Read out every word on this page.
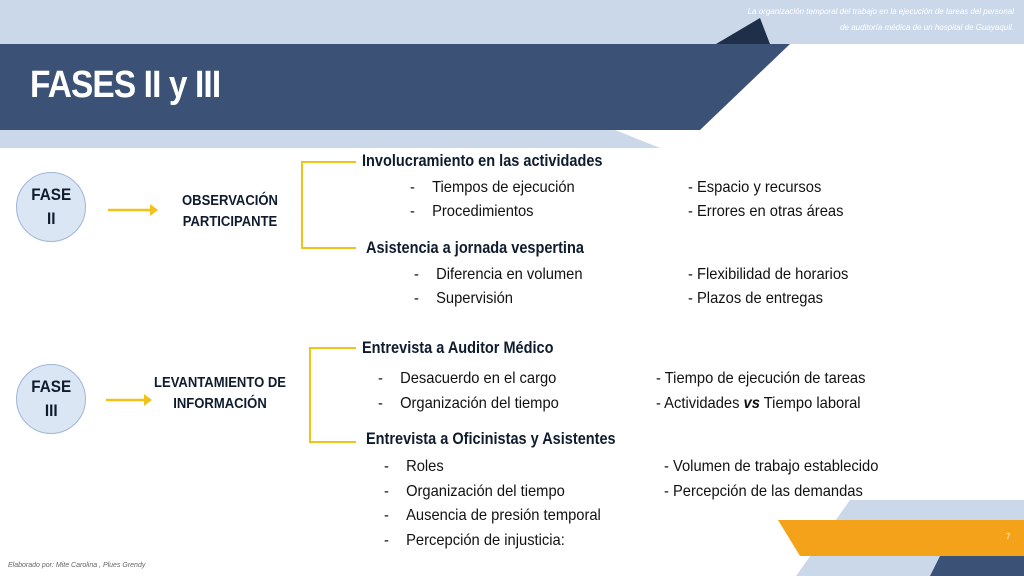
La organización temporal del trabajo en la ejecución de tareas del personal
de auditoría médica de un hospital de Guayaquil.
FASES II y III
FASE
II
OBSERVACIÓN
PARTICIPANTE
Involucramiento en las actividades
- Tiempos de ejecución
- Procedimientos
- Espacio y recursos
- Errores en otras áreas
Asistencia a jornada vespertina
- Diferencia en volumen
- Supervisión
- Flexibilidad de horarios
- Plazos de entregas
FASE
III
LEVANTAMIENTO DE
INFORMACIÓN
Entrevista a Auditor Médico
- Desacuerdo en el cargo
- Organización del tiempo
- Tiempo de ejecución de tareas
- Actividades vs Tiempo laboral
Entrevista a Oficinistas y Asistentes
- Roles
- Organización del tiempo
- Ausencia de presión temporal
- Percepción de injusticia:
- Volumen de trabajo establecido
- Percepción de las demandas
Elaborado por: Mite Carolina , Plues Grendy
7
